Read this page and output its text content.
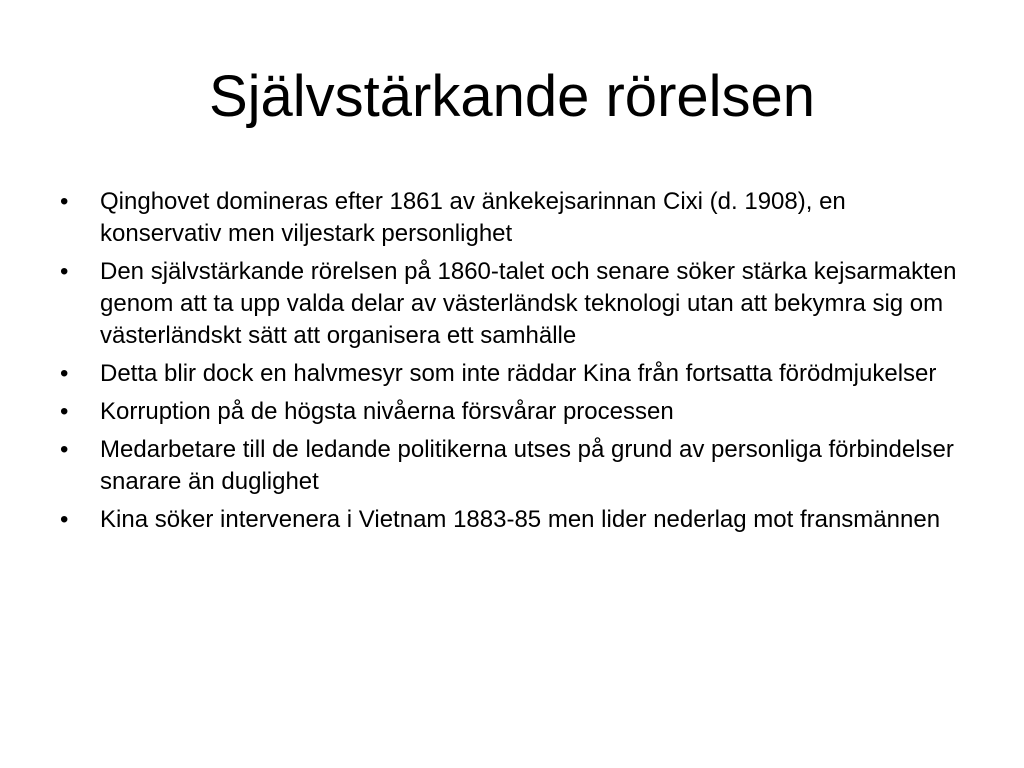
Självstärkande rörelsen
• Qinghovet domineras efter 1861 av änkekejsarinnan Cixi (d. 1908), en konservativ men viljestark personlighet
• Den självstärkande rörelsen på 1860-talet och senare söker stärka kejsarmakten genom att ta upp valda delar av västerländsk teknologi utan att bekymra sig om västerländskt sätt att organisera ett samhälle
• Detta blir dock en halvmesyr som inte räddar Kina från fortsatta förödmjukelser
• Korruption på de högsta nivåerna försvårar processen
• Medarbetare till de ledande politikerna utses på grund av personliga förbindelser snarare än duglighet
• Kina söker intervenera i Vietnam 1883-85 men lider nederlag mot fransmännen
